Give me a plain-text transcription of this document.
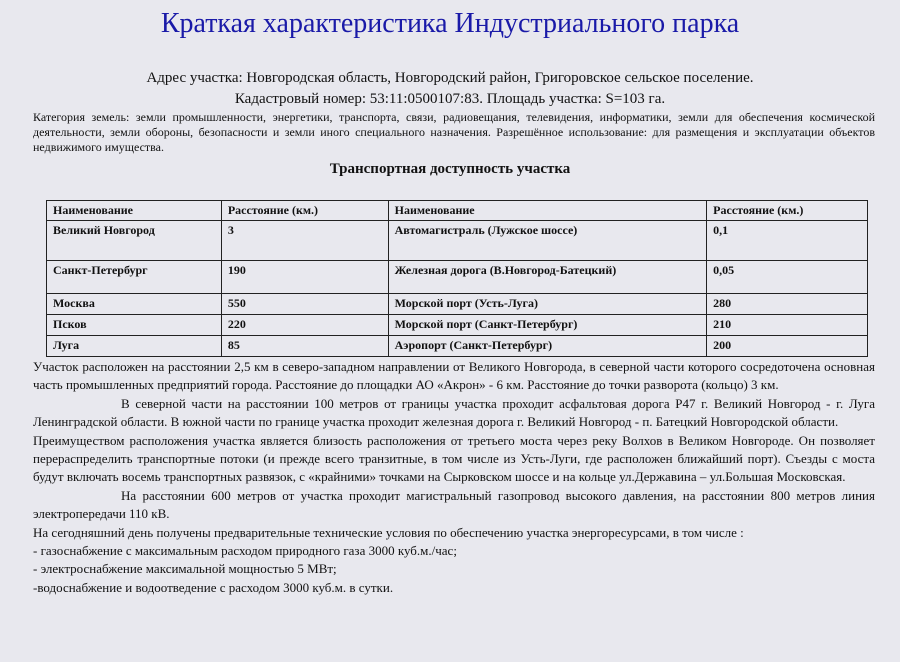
Краткая характеристика Индустриального парка
Адрес участка: Новгородская область, Новгородский район, Григоровское сельское поселение.
Кадастровый номер: 53:11:0500107:83. Площадь участка: S=103 га.
Категория земель: земли промышленности, энергетики, транспорта, связи, радиовещания, телевидения, информатики, земли для обеспечения космической деятельности, земли обороны, безопасности и земли иного специального назначения. Разрешённое использование: для размещения и эксплуатации объектов недвижимого имущества.
Транспортная доступность участка
Наименование	Расстояние (км.)	Наименование	Расстояние (км.)
Великий Новгород	3	Автомагистраль (Лужское шоссе)	0,1
Санкт-Петербург	190	Железная дорога (В.Новгород-Батецкий)	0,05
Москва	550	Морской порт (Усть-Луга)	280
Псков	220	Морской порт (Санкт-Петербург)	210
Луга	85	Аэропорт (Санкт-Петербург)	200

Участок расположен на расстоянии 2,5 км в северо-западном направлении от Великого Новгорода, в северной части которого сосредоточена основная часть промышленных предприятий города. Расстояние до площадки АО «Акрон» - 6 км. Расстояние до точки разворота (кольцо) 3 км.

В северной части на расстоянии 100 метров от границы участка проходит асфальтовая дорога Р47 г. Великий Новгород - г. Луга Ленинградской области. В южной части по границе участка проходит железная дорога г. Великий Новгород - п. Батецкий Новгородской области.

Преимуществом расположения участка является близость расположения от третьего моста через реку Волхов в Великом Новгороде. Он позволяет перераспределить транспортные потоки (и прежде всего транзитные, в том числе из Усть-Луги, где расположен ближайший порт). Съезды с моста будут включать восемь транспортных развязок, с «крайними» точками на Сырковском шоссе и на кольце ул.Державина – ул.Большая Московская.

На расстоянии 600 метров от участка проходит магистральный газопровод высокого давления, на расстоянии 800 метров линия электропередачи 110 кВ.

На сегодняшний день получены предварительные технические условия по обеспечению участка энергоресурсами, в том числе :

- газоснабжение с максимальным расходом природного газа 3000 куб.м./час;

- электроснабжение максимальной мощностью 5 МВт;

-водоснабжение и водоотведение с расходом 3000 куб.м. в сутки.
